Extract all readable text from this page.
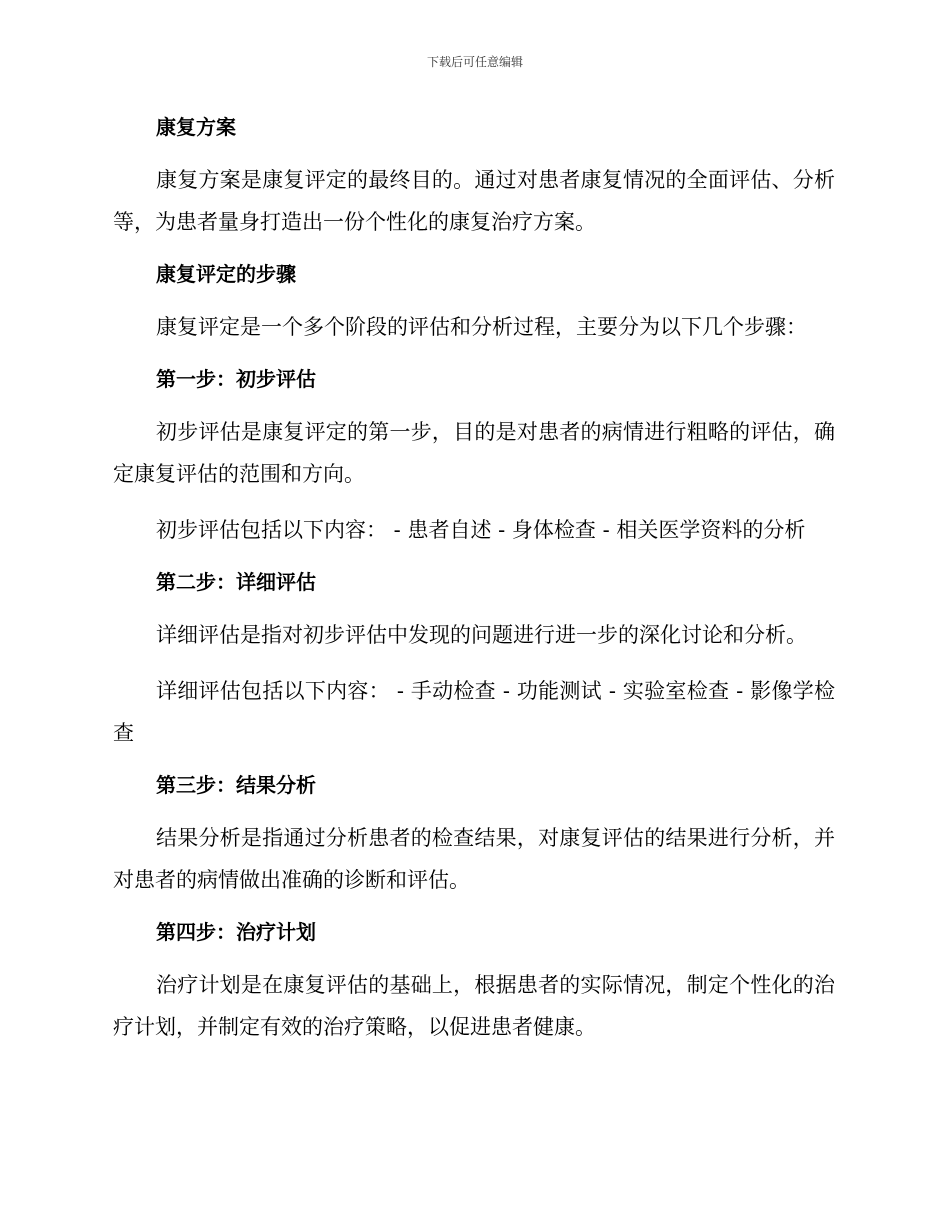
下载后可任意编辑
康复方案

康复方案是康复评定的最终目的。通过对患者康复情况的全面评估、分析等，为患者量身打造出一份个性化的康复治疗方案。

康复评定的步骤

康复评定是一个多个阶段的评估和分析过程，主要分为以下几个步骤：

第一步：初步评估

初步评估是康复评定的第一步，目的是对患者的病情进行粗略的评估，确定康复评估的范围和方向。

初步评估包括以下内容： - 患者自述 - 身体检查 - 相关医学资料的分析

第二步：详细评估

详细评估是指对初步评估中发现的问题进行进一步的深化讨论和分析。

详细评估包括以下内容： - 手动检查 - 功能测试 - 实验室检查 - 影像学检查

第三步：结果分析

结果分析是指通过分析患者的检查结果，对康复评估的结果进行分析，并对患者的病情做出准确的诊断和评估。

第四步：治疗计划

治疗计划是在康复评估的基础上，根据患者的实际情况，制定个性化的治疗计划，并制定有效的治疗策略，以促进患者健康。
